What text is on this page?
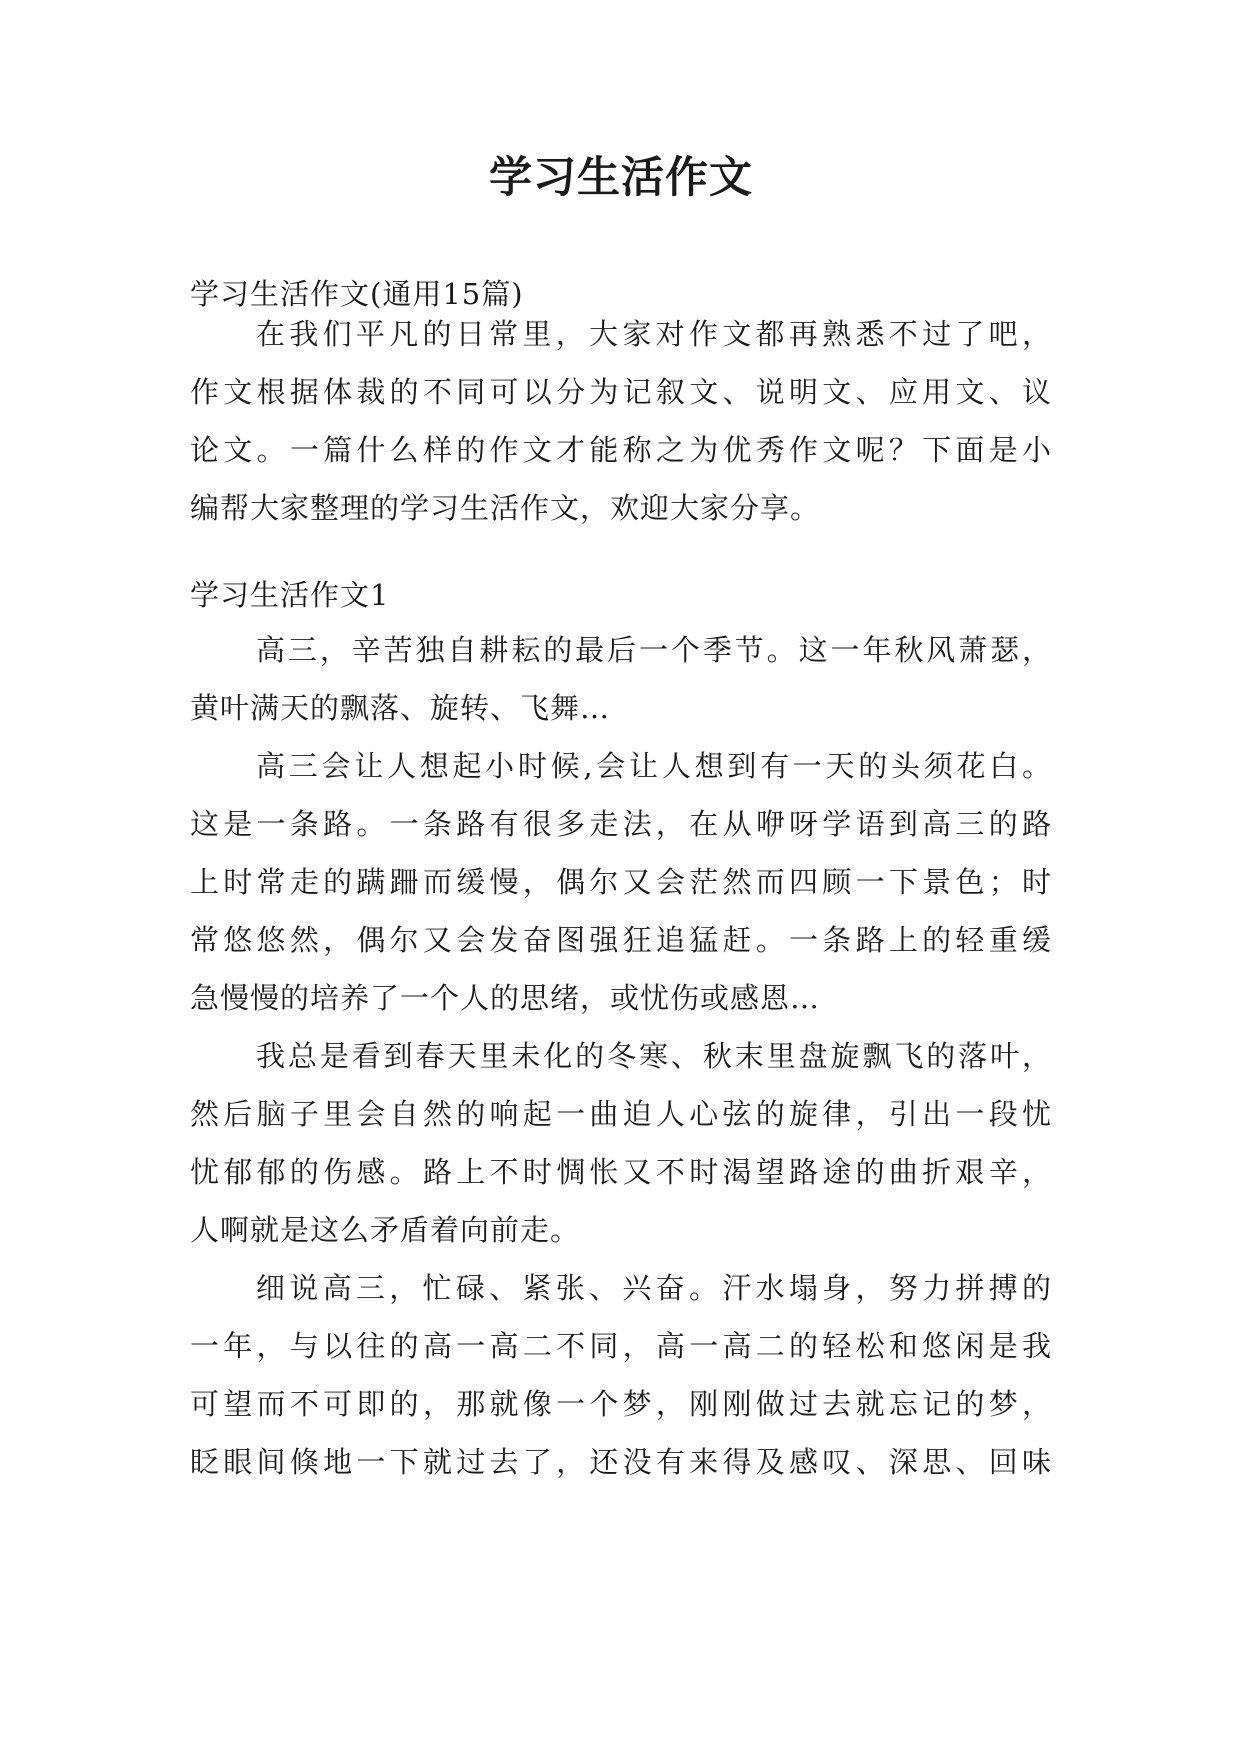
学习生活作文
学习生活作文(通用15篇)
在我们平凡的日常里，大家对作文都再熟悉不过了吧，
作文根据体裁的不同可以分为记叙文、说明文、应用文、议
论文。一篇什么样的作文才能称之为优秀作文呢？下面是小
编帮大家整理的学习生活作文，欢迎大家分享。
学习生活作文1
高三，辛苦独自耕耘的最后一个季节。这一年秋风萧瑟，
黄叶满天的飘落、旋转、飞舞…
高三会让人想起小时候,会让人想到有一天的头须花白。
这是一条路。一条路有很多走法，在从咿呀学语到高三的路
上时常走的蹒跚而缓慢，偶尔又会茫然而四顾一下景色；时
常悠悠然，偶尔又会发奋图强狂追猛赶。一条路上的轻重缓
急慢慢的培养了一个人的思绪，或忧伤或感恩…
我总是看到春天里未化的冬寒、秋末里盘旋飘飞的落叶，
然后脑子里会自然的响起一曲迫人心弦的旋律，引出一段忧
忧郁郁的伤感。路上不时惆怅又不时渴望路途的曲折艰辛，
人啊就是这么矛盾着向前走。
细说高三，忙碌、紧张、兴奋。汗水塌身，努力拼搏的
一年，与以往的高一高二不同，高一高二的轻松和悠闲是我
可望而不可即的，那就像一个梦，刚刚做过去就忘记的梦，
眨眼间倏地一下就过去了，还没有来得及感叹、深思、回味
